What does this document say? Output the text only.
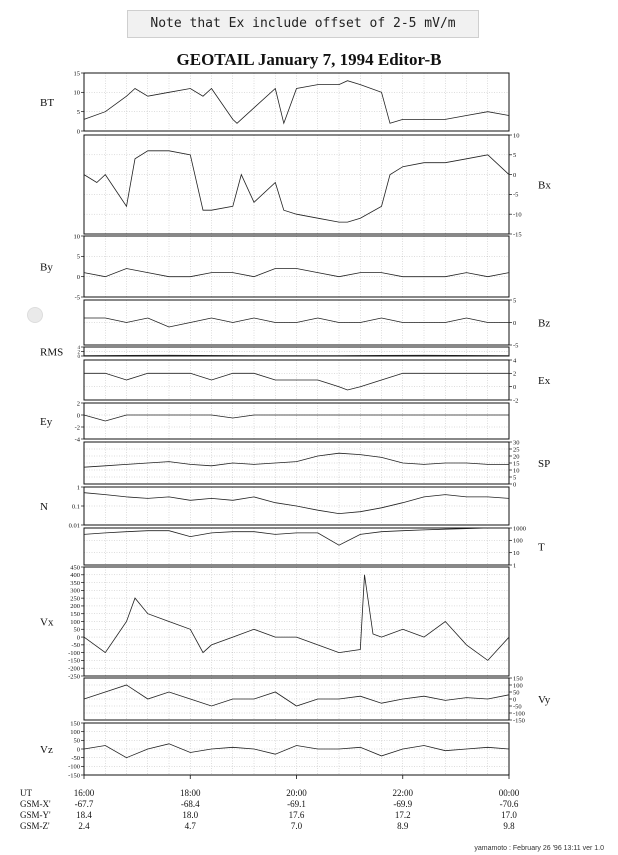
Note that Ex include offset of 2-5 mV/m
GEOTAIL January 7, 1994 Editor-B
0
5
10
15
BT
-15
-10
-5
0
5
10
Bx
-5
0
5
10
By
-5
0
5
Bz
0
2
4
RMS
-2
0
2
4
Ex
-4
-2
0
2
Ey
0
5
10
15
20
25
30
SP
0.01
0.1
1
N
1
10
100
1000
T
-250
-200
-150
-100
-50
0
50
100
150
200
250
300
350
400
450
Vx
-150
-100
-50
0
50
100
150
Vy
-150
-100
-50
0
50
100
150
Vz
UT	16:00	18:00	20:00	22:00	00:00
GSM-X'	-67.7	-68.4	-69.1	-69.9	-70.6
GSM-Y'	18.4	18.0	17.6	17.2	17.0
GSM-Z'	2.4	4.7	7.0	8.9	9.8
yamamoto : February 26 '96 13:11 ver 1.0
